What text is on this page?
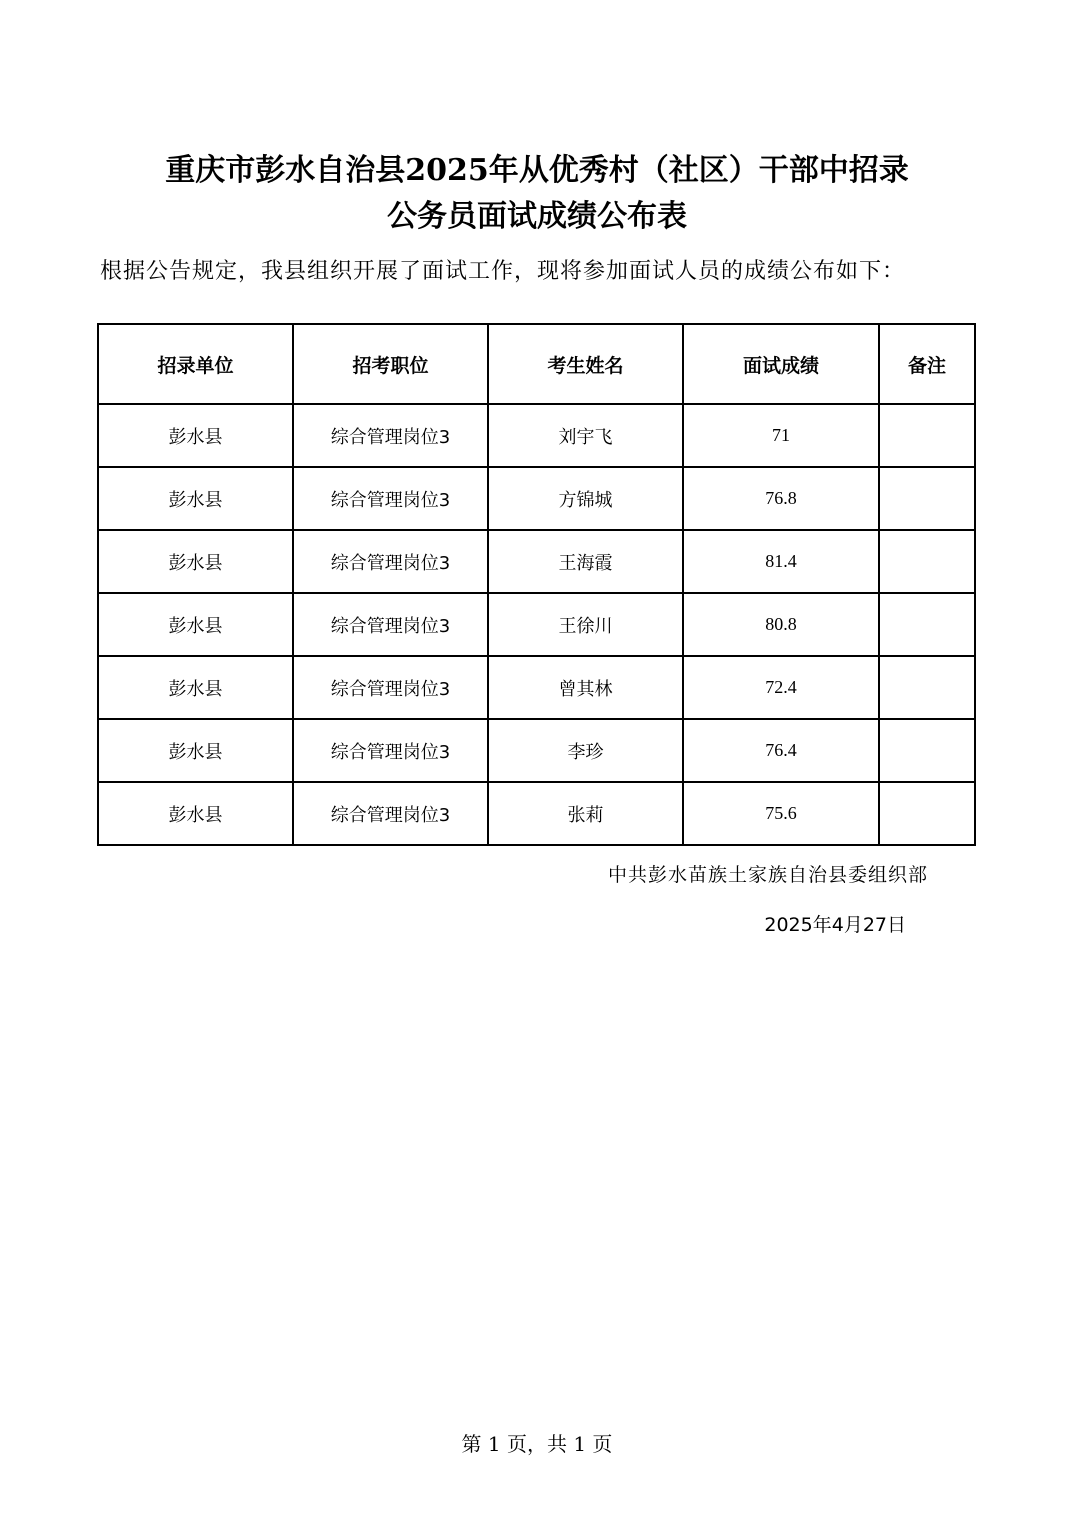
重庆市彭水自治县2025年从优秀村（社区）干部中招录
公务员面试成绩公布表
根据公告规定，我县组织开展了面试工作，现将参加面试人员的成绩公布如下：
招录单位	招考职位	考生姓名	面试成绩	备注
彭水县	综合管理岗位3	刘宇飞	71	
彭水县	综合管理岗位3	方锦城	76.8	
彭水县	综合管理岗位3	王海霞	81.4	
彭水县	综合管理岗位3	王徐川	80.8	
彭水县	综合管理岗位3	曾其林	72.4	
彭水县	综合管理岗位3	李珍	76.4	
彭水县	综合管理岗位3	张莉	75.6	
中共彭水苗族土家族自治县委组织部
2025年4月27日
第 1 页，共 1 页
